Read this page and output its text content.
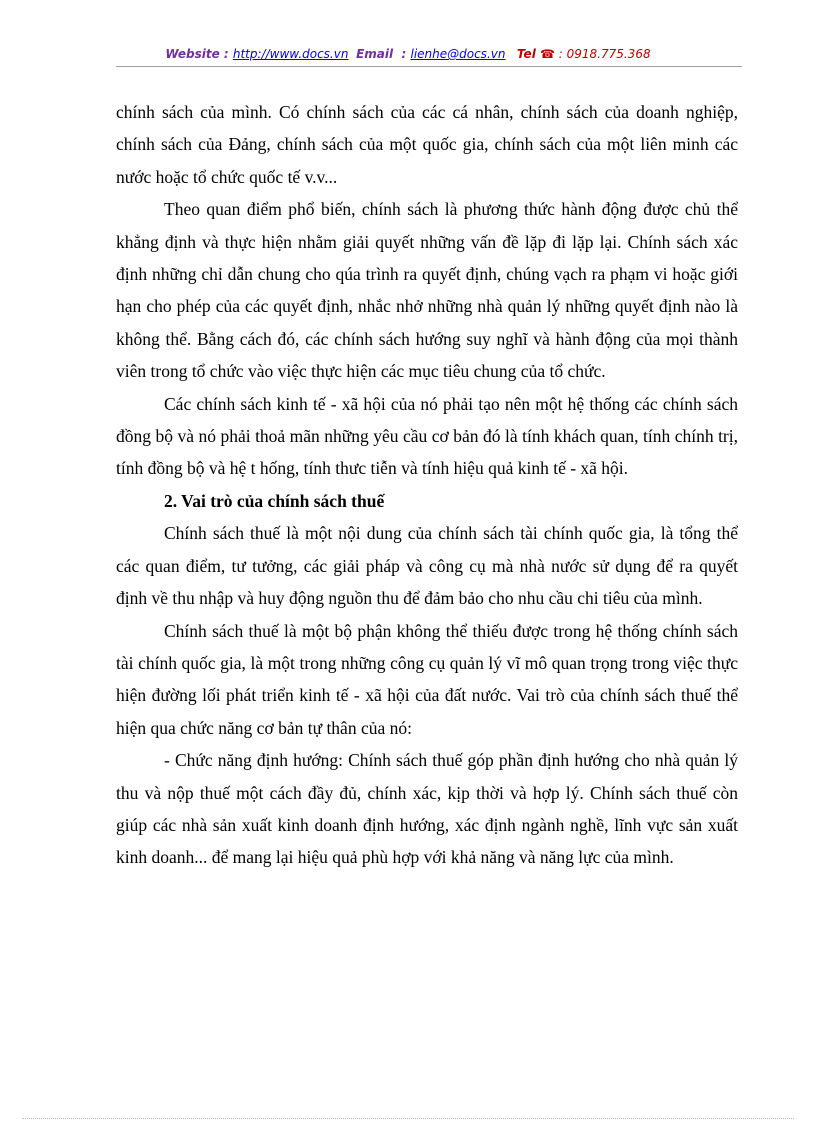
Website : http://www.docs.vn Email  : lienhe@docs.vn Tel ☎ : 0918.775.368

chính sách của mình. Có chính sách của các cá nhân, chính sách của doanh nghiệp, chính sách của Đảng, chính sách của một quốc gia, chính sách của một liên minh các nước hoặc tổ chức quốc tế v.v...

Theo quan điểm phổ biến, chính sách là phương thức hành động được chủ thể khẳng định và thực hiện nhằm giải quyết những vấn đề lặp đi lặp lại. Chính sách xác định những chỉ dẫn chung cho qúa trình ra quyết định, chúng vạch ra phạm vi hoặc giới hạn cho phép của các quyết định, nhắc nhở những nhà quản lý những quyết định nào là không thể. Bằng cách đó, các chính sách hướng suy nghĩ và hành động của mọi thành viên trong tổ chức vào việc thực hiện các mục tiêu chung của tổ chức.

Các chính sách kinh tế - xã hội của nó phải tạo nên một hệ thống các chính sách đồng bộ và nó phải thoả mãn những yêu cầu cơ bản đó là tính khách quan, tính chính trị, tính đồng bộ và hệ t hống, tính thưc tiễn và tính hiệu quả kinh tế - xã hội.

2. Vai trò của chính sách thuế

Chính sách thuế là một nội dung của chính sách tài chính quốc gia, là tổng thể các quan điểm, tư tưởng, các giải pháp và công cụ mà nhà nước sử dụng để ra quyết định về thu nhập và huy động nguồn thu để đảm bảo cho nhu cầu chi tiêu của mình.

Chính sách thuế là một bộ phận không thể thiếu được trong hệ thống chính sách tài chính quốc gia, là một trong những công cụ quản lý vĩ mô quan trọng trong việc thực hiện đường lối phát triển kinh tế - xã hội của đất nước. Vai trò của chính sách thuế thể hiện qua chức năng cơ bản tự thân của nó:

- Chức năng định hướng: Chính sách thuế góp phần định hướng cho nhà quản lý thu và nộp thuế một cách đầy đủ, chính xác, kịp thời và hợp lý. Chính sách thuế còn giúp các nhà sản xuất kinh doanh định hướng, xác định ngành nghề, lĩnh vực sản xuất kinh doanh... để mang lại hiệu quả phù hợp với khả năng và năng lực của mình.
